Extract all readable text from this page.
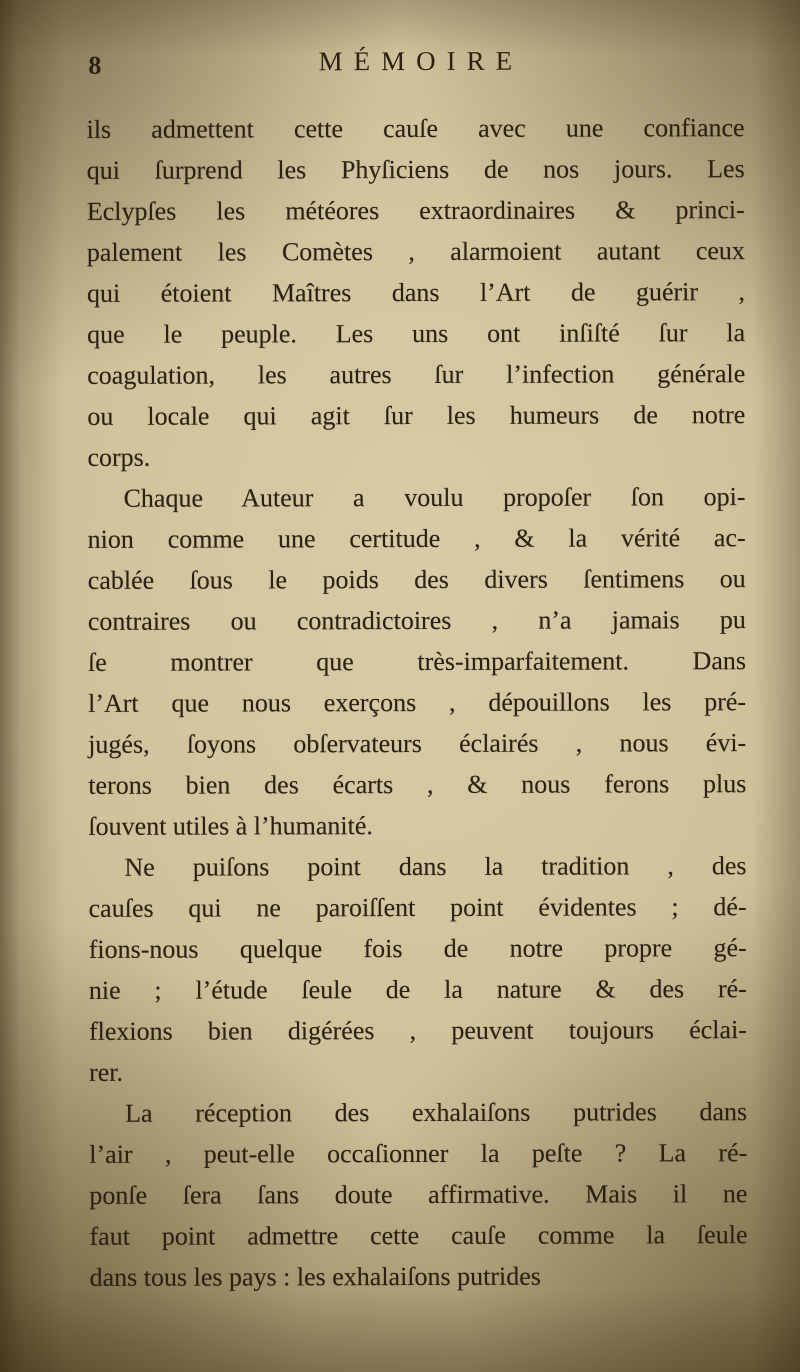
8	MÉMOIRE
ils admettent cette cauſe avec une confiance
qui ſurprend les Phyſiciens de nos jours. Les
Eclypſes les météores extraordinaires & princi-
palement les Comètes , alarmoient autant ceux
qui étoient Maîtres dans l’Art de guérir ,
que le peuple. Les uns ont inſiſté ſur la
coagulation, les autres ſur l’infection générale
ou locale qui agit ſur les humeurs de notre
corps.
Chaque Auteur a voulu propoſer ſon opi-
nion comme une certitude , & la vérité ac-
cablée ſous le poids des divers ſentimens ou
contraires ou contradictoires , n’a jamais pu
ſe montrer que très-imparfaitement. Dans
l’Art que nous exerçons , dépouillons les pré-
jugés, ſoyons obſervateurs éclairés , nous évi-
terons bien des écarts , & nous ferons plus
ſouvent utiles à l’humanité.
Ne puiſons point dans la tradition , des
cauſes qui ne paroiſſent point évidentes ; dé-
fions-nous quelque fois de notre propre gé-
nie ; l’étude ſeule de la nature & des ré-
flexions bien digérées , peuvent toujours éclai-
rer.
La réception des exhalaiſons putrides dans
l’air , peut-elle occaſionner la peſte ? La ré-
ponſe ſera ſans doute affirmative. Mais il ne
faut point admettre cette cauſe comme la ſeule
dans tous les pays : les exhalaiſons putrides
